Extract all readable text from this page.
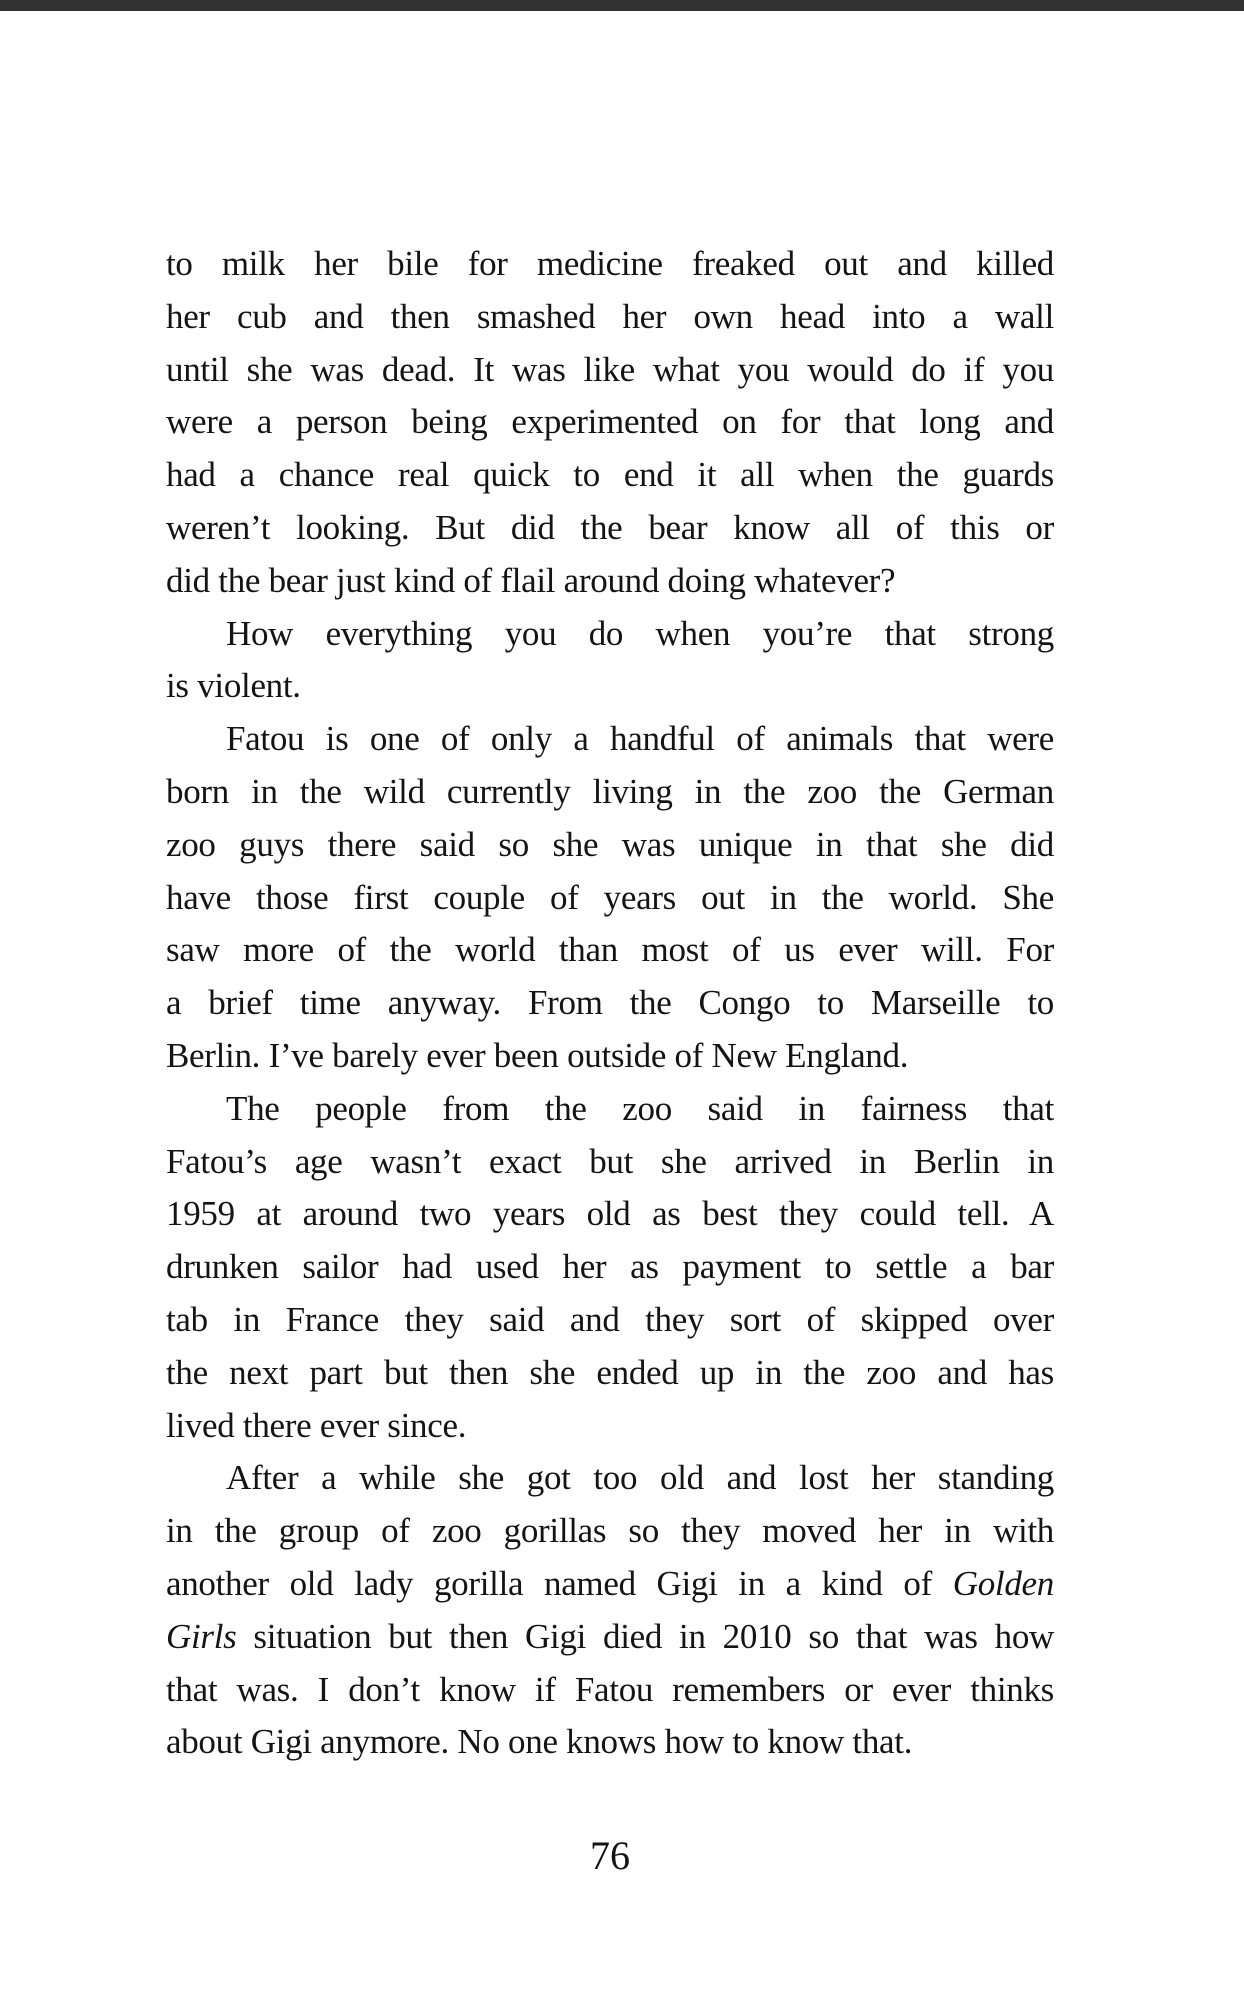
to milk her bile for medicine freaked out and killed
her cub and then smashed her own head into a wall
until she was dead. It was like what you would do if you
were a person being experimented on for that long and
had a chance real quick to end it all when the guards
weren’t looking. But did the bear know all of this or
did the bear just kind of flail around doing whatever?
How everything you do when you’re that strong
is violent.
Fatou is one of only a handful of animals that were
born in the wild currently living in the zoo the German
zoo guys there said so she was unique in that she did
have those first couple of years out in the world. She
saw more of the world than most of us ever will. For
a brief time anyway. From the Congo to Marseille to
Berlin. I’ve barely ever been outside of New England.
The people from the zoo said in fairness that
Fatou’s age wasn’t exact but she arrived in Berlin in
1959 at around two years old as best they could tell. A
drunken sailor had used her as payment to settle a bar
tab in France they said and they sort of skipped over
the next part but then she ended up in the zoo and has
lived there ever since.
After a while she got too old and lost her standing
in the group of zoo gorillas so they moved her in with
another old lady gorilla named Gigi in a kind of Golden
Girls situation but then Gigi died in 2010 so that was how
that was. I don’t know if Fatou remembers or ever thinks
about Gigi anymore. No one knows how to know that.
76
